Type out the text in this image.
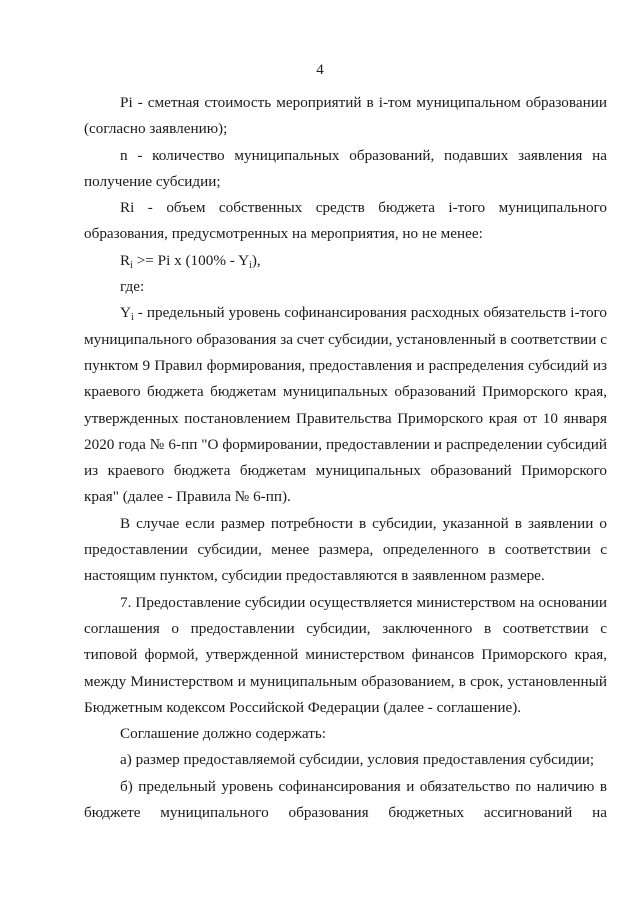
4

Pi - сметная стоимость мероприятий в i-том муниципальном образовании (согласно заявлению);

n - количество муниципальных образований, подавших заявления на получение субсидии;

Ri - объем собственных средств бюджета i-того муниципального образования, предусмотренных на мероприятия, но не менее:

$R_i >= Pi$ x $(100\% - Y_i)$,

где:

$Y_i$ - предельный уровень софинансирования расходных обязательств i-того муниципального образования за счет субсидии, установленный в соответствии с пунктом 9 Правил формирования, предоставления и распределения субсидий из краевого бюджета бюджетам муниципальных образований Приморского края, утвержденных постановлением Правительства Приморского края от 10 января 2020 года № 6-пп "О формировании, предоставлении и распределении субсидий из краевого бюджета бюджетам муниципальных образований Приморского края" (далее - Правила № 6-пп).

В случае если размер потребности в субсидии, указанной в заявлении о предоставлении субсидии, менее размера, определенного в соответствии с настоящим пунктом, субсидии предоставляются в заявленном размере.

7. Предоставление субсидии осуществляется министерством на основании соглашения о предоставлении субсидии, заключенного в соответствии с типовой формой, утвержденной министерством финансов Приморского края, между Министерством и муниципальным образованием, в срок, установленный Бюджетным кодексом Российской Федерации (далее - соглашение).

Соглашение должно содержать:

а) размер предоставляемой субсидии, условия предоставления субсидии;

б) предельный уровень софинансирования и обязательство по наличию в бюджете муниципального образования бюджетных ассигнований на
